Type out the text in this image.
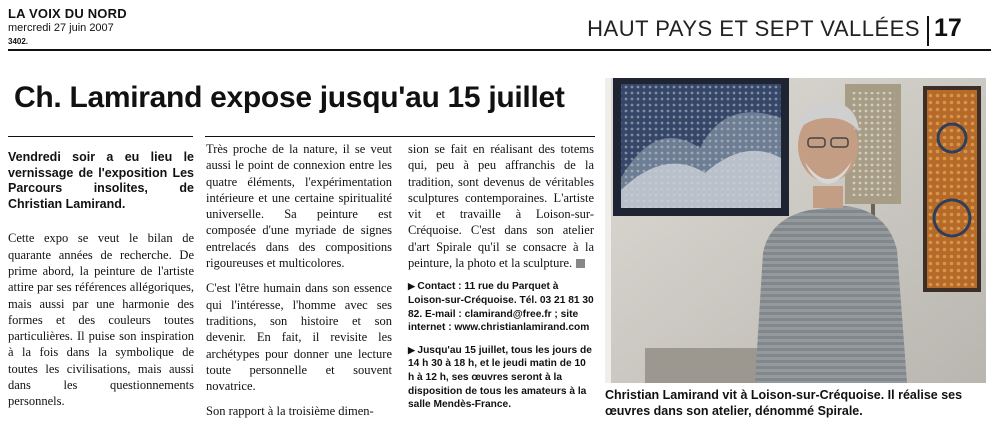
LA VOIX DU NORD
mercredi 27 juin 2007
3402.
HAUT PAYS ET SEPT VALLÉES 17
Ch. Lamirand expose jusqu'au 15 juillet

Vendredi soir a eu lieu le vernissage de l'exposition Les Parcours insolites, de Christian Lamirand.

Cette expo se veut le bilan de quarante années de recherche. De prime abord, la peinture de l'artiste attire par ses références allégoriques, mais aussi par une harmonie des formes et des couleurs toutes particulières. Il puise son inspiration à la fois dans la symbolique de toutes les civilisations, mais aussi dans les questionnements personnels.

Très proche de la nature, il se veut aussi le point de connexion entre les quatre éléments, l'expérimentation intérieure et une certaine spiritualité universelle. Sa peinture est composée d'une myriade de signes entrelacés dans des compositions rigoureuses et multicolores.

C'est l'être humain dans son essence qui l'intéresse, l'homme avec ses traditions, son histoire et son devenir. En fait, il revisite les archétypes pour donner une lecture toute personnelle et souvent novatrice.

Son rapport à la troisième dimen-

sion se fait en réalisant des totems qui, peu à peu affranchis de la tradition, sont devenus de véritables sculptures contemporaines. L'artiste vit et travaille à Loison-sur-Créquoise. C'est dans son atelier d'art Spirale qu'il se consacre à la peinture, la photo et la sculpture.

▶ Contact : 11 rue du Parquet à Loison-sur-Créquoise. Tél. 03 21 81 30 82. E-mail : clamirand@free.fr ; site internet : www.christianlamirand.com

▶ Jusqu'au 15 juillet, tous les jours de 14 h 30 à 18 h, et le jeudi matin de 10 h à 12 h, ses œuvres seront à la disposition de tous les amateurs à la salle Mendès-France.

Christian Lamirand vit à Loison-sur-Créquoise. Il réalise ses œuvres dans son atelier, dénommé Spirale.
